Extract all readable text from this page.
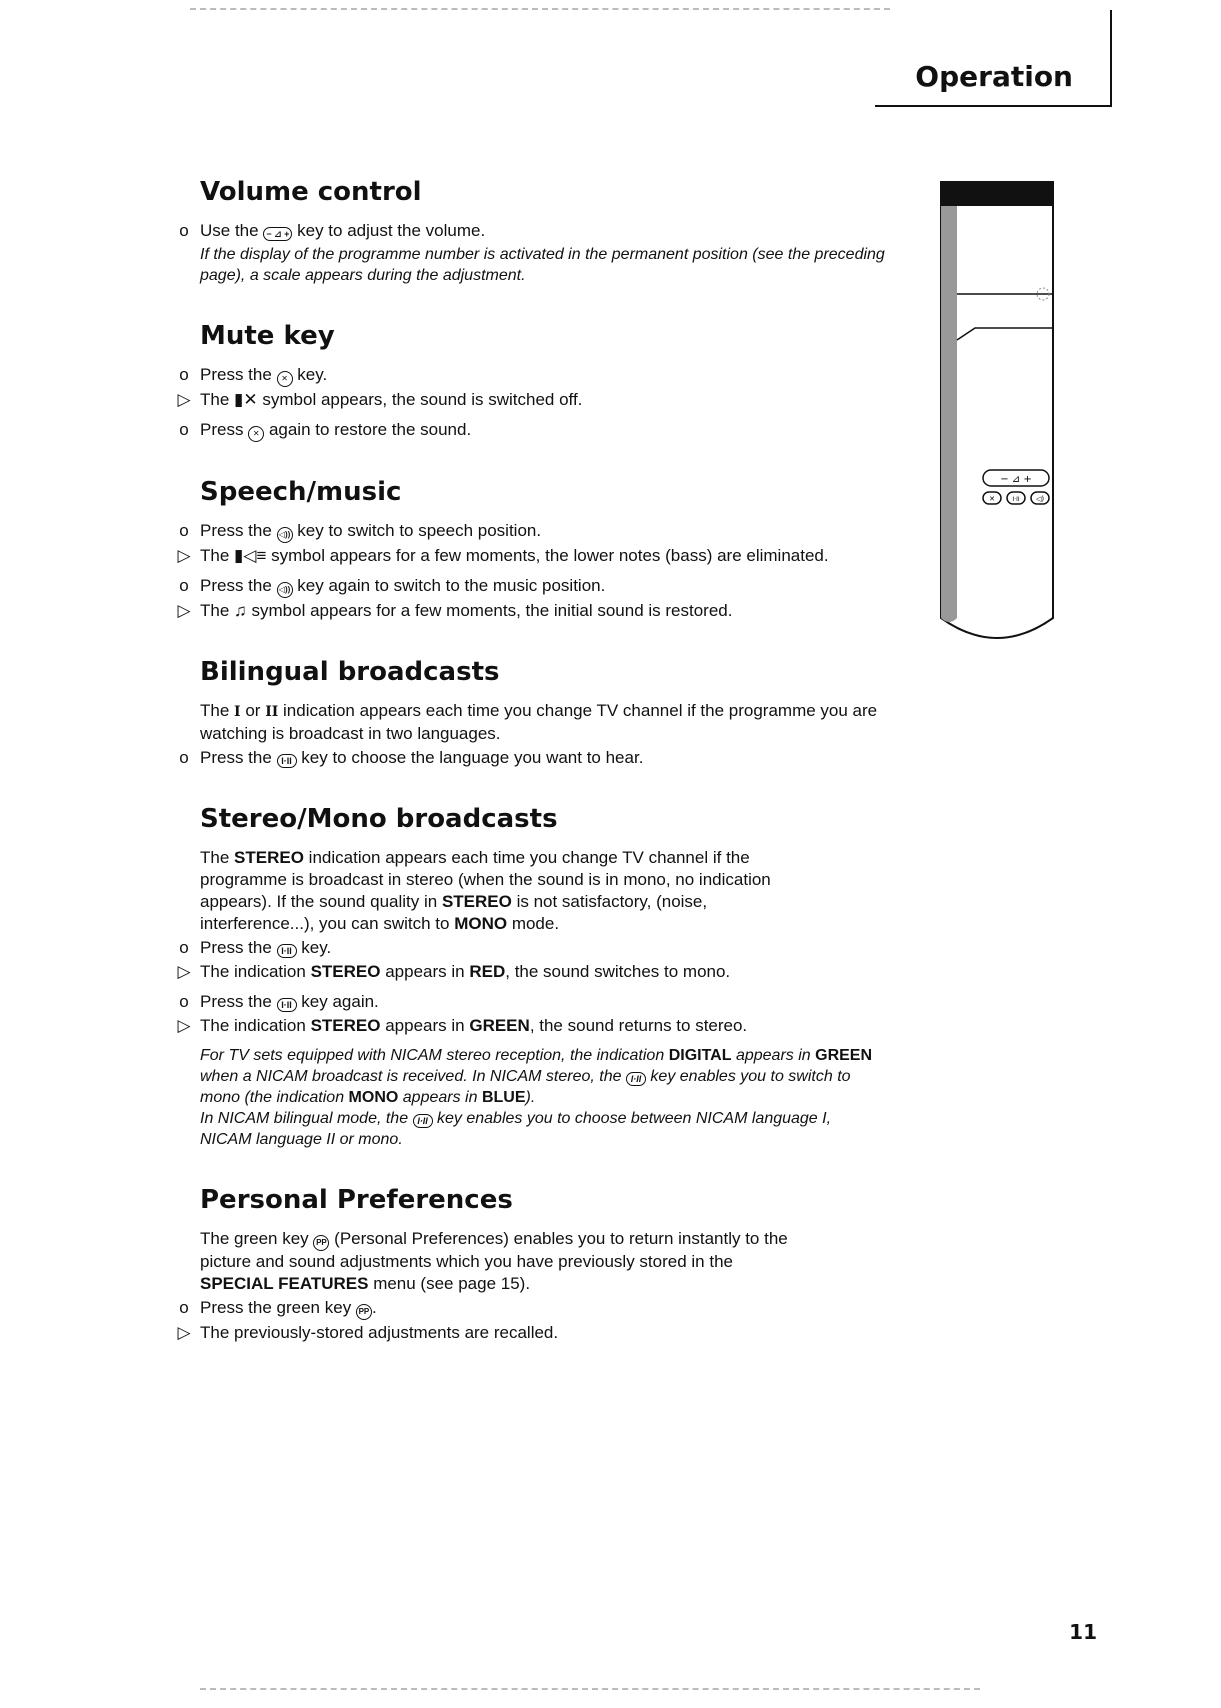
Operation
Volume control
o Use the − ⊿ + key to adjust the volume.
If the display of the programme number is activated in the permanent position (see the preceding page), a scale appears during the adjustment.
Mute key
o Press the ✕ key.
▷ The ▮✕ symbol appears, the sound is switched off.
o Press ✕ again to restore the sound.
Speech/music
o Press the ◁)) key to switch to speech position.
▷ The ▮◁≡ symbol appears for a few moments, the lower notes (bass) are eliminated.
o Press the ◁)) key again to switch to the music position.
▷ The ♫ symbol appears for a few moments, the initial sound is restored.
Bilingual broadcasts
The I or II indication appears each time you change TV channel if the programme you are watching is broadcast in two languages.
o Press the I·II key to choose the language you want to hear.
Stereo/Mono broadcasts
The STEREO indication appears each time you change TV channel if the programme is broadcast in stereo (when the sound is in mono, no indication appears). If the sound quality in STEREO is not satisfactory, (noise, interference...), you can switch to MONO mode.
o Press the I·II key.
▷ The indication STEREO appears in RED, the sound switches to mono.
o Press the I·II key again.
▷ The indication STEREO appears in GREEN, the sound returns to stereo.
For TV sets equipped with NICAM stereo reception, the indication DIGITAL appears in GREEN when a NICAM broadcast is received. In NICAM stereo, the I·II key enables you to switch to mono (the indication MONO appears in BLUE).
In NICAM bilingual mode, the I·II key enables you to choose between NICAM language I, NICAM language II or mono.
Personal Preferences
The green key PP (Personal Preferences) enables you to return instantly to the picture and sound adjustments which you have previously stored in the SPECIAL FEATURES menu (see page 15).
o Press the green key PP .
▷ The previously-stored adjustments are recalled.
− ⊿ +
✕	I·II ◁)
11
